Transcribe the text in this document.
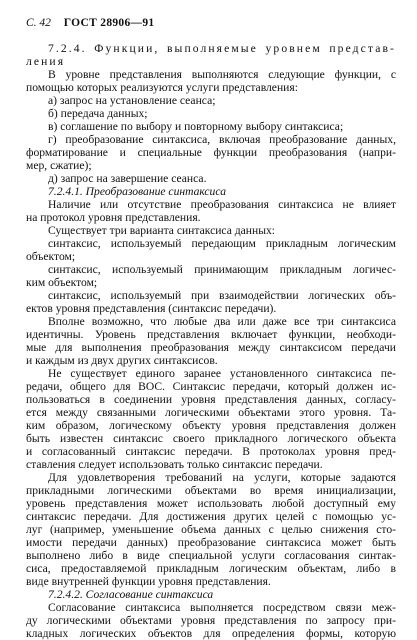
С. 42 ГОСТ 28906—91
7.2.4. Функции, выполняемые уровнем представ-
ления
В уровне представления выполняются следующие функции, с
помощью которых реализуются услуги представления:
а) запрос на установление сеанса;
б) передача данных;
в) соглашение по выбору и повторному выбору синтаксиса;
г) преобразование синтаксиса, включая преобразование данных,
форматирование и специальные функции преобразования (напри-
мер, сжатие);
д) запрос на завершение сеанса.
7.2.4.1. Преобразование синтаксиса
Наличие или отсутствие преобразования синтаксиса не влияет
на протокол уровня представления.
Существует три варианта синтаксиса данных:
синтаксис, используемый передающим прикладным логическим
объектом;
синтаксис, используемый принимающим прикладным логичес-
ким объектом;
синтаксис, используемый при взаимодействии логических объ-
ектов уровня представления (синтаксис передачи).
Вполне возможно, что любые два или даже все три синтаксиса
идентичны. Уровень представления включает функции, необходи-
мые для выполнения преобразования между синтаксисом передачи
и каждым из двух других синтаксисов.
Не существует единого заранее установленного синтаксиса пе-
редачи, общего для ВОС. Синтаксис передачи, который должен ис-
пользоваться в соединении уровня представления данных, согласу-
ется между связанными логическими объектами этого уровня. Та-
ким образом, логическому объекту уровня представления должен
быть известен синтаксис своего прикладного логического объекта
и согласованный синтаксис передачи. В протоколах уровня пред-
ставления следует использовать только синтаксис передачи.
Для удовлетворения требований на услуги, которые задаются
прикладными логическими объектами во время инициализации,
уровень представления может использовать любой доступный ему
синтаксис передачи. Для достижения других целей с помощью ус-
луг (например, уменьшение объема данных с целью снижения сто-
имости передачи данных) преобразование синтаксиса может быть
выполнено либо в виде специальной услуги согласования синтак-
сиса, предоставляемой прикладным логическим объектам, либо в
виде внутренней функции уровня представления.
7.2.4.2. Согласование синтаксиса
Согласование синтаксиса выполняется посредством связи меж-
ду логическими объектами уровня представления по запросу при-
кладных логических объектов для определения формы, которую
